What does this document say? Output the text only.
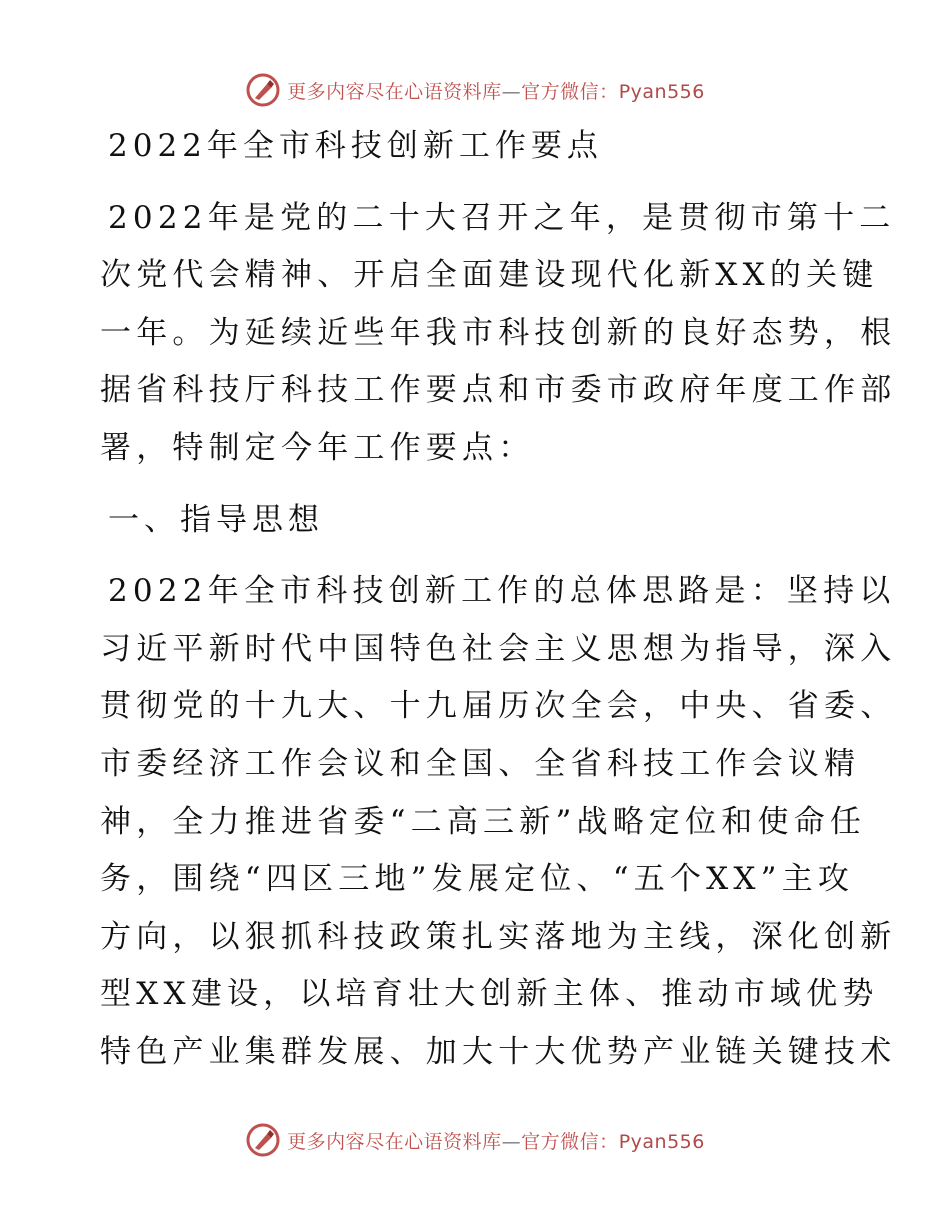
更多内容尽在心语资料库—官方微信：Pyan556
2022年全市科技创新工作要点
2022年是党的二十大召开之年，是贯彻市第十二
次党代会精神、开启全面建设现代化新XX的关键
一年。为延续近些年我市科技创新的良好态势，根
据省科技厅科技工作要点和市委市政府年度工作部
署，特制定今年工作要点：
一、指导思想
2022年全市科技创新工作的总体思路是：坚持以
习近平新时代中国特色社会主义思想为指导，深入
贯彻党的十九大、十九届历次全会，中央、省委、
市委经济工作会议和全国、全省科技工作会议精
神，全力推进省委“二高三新”战略定位和使命任
务，围绕“四区三地”发展定位、“五个XX”主攻
方向，以狠抓科技政策扎实落地为主线，深化创新
型XX建设，以培育壮大创新主体、推动市域优势
特色产业集群发展、加大十大优势产业链关键技术
更多内容尽在心语资料库—官方微信：Pyan556
